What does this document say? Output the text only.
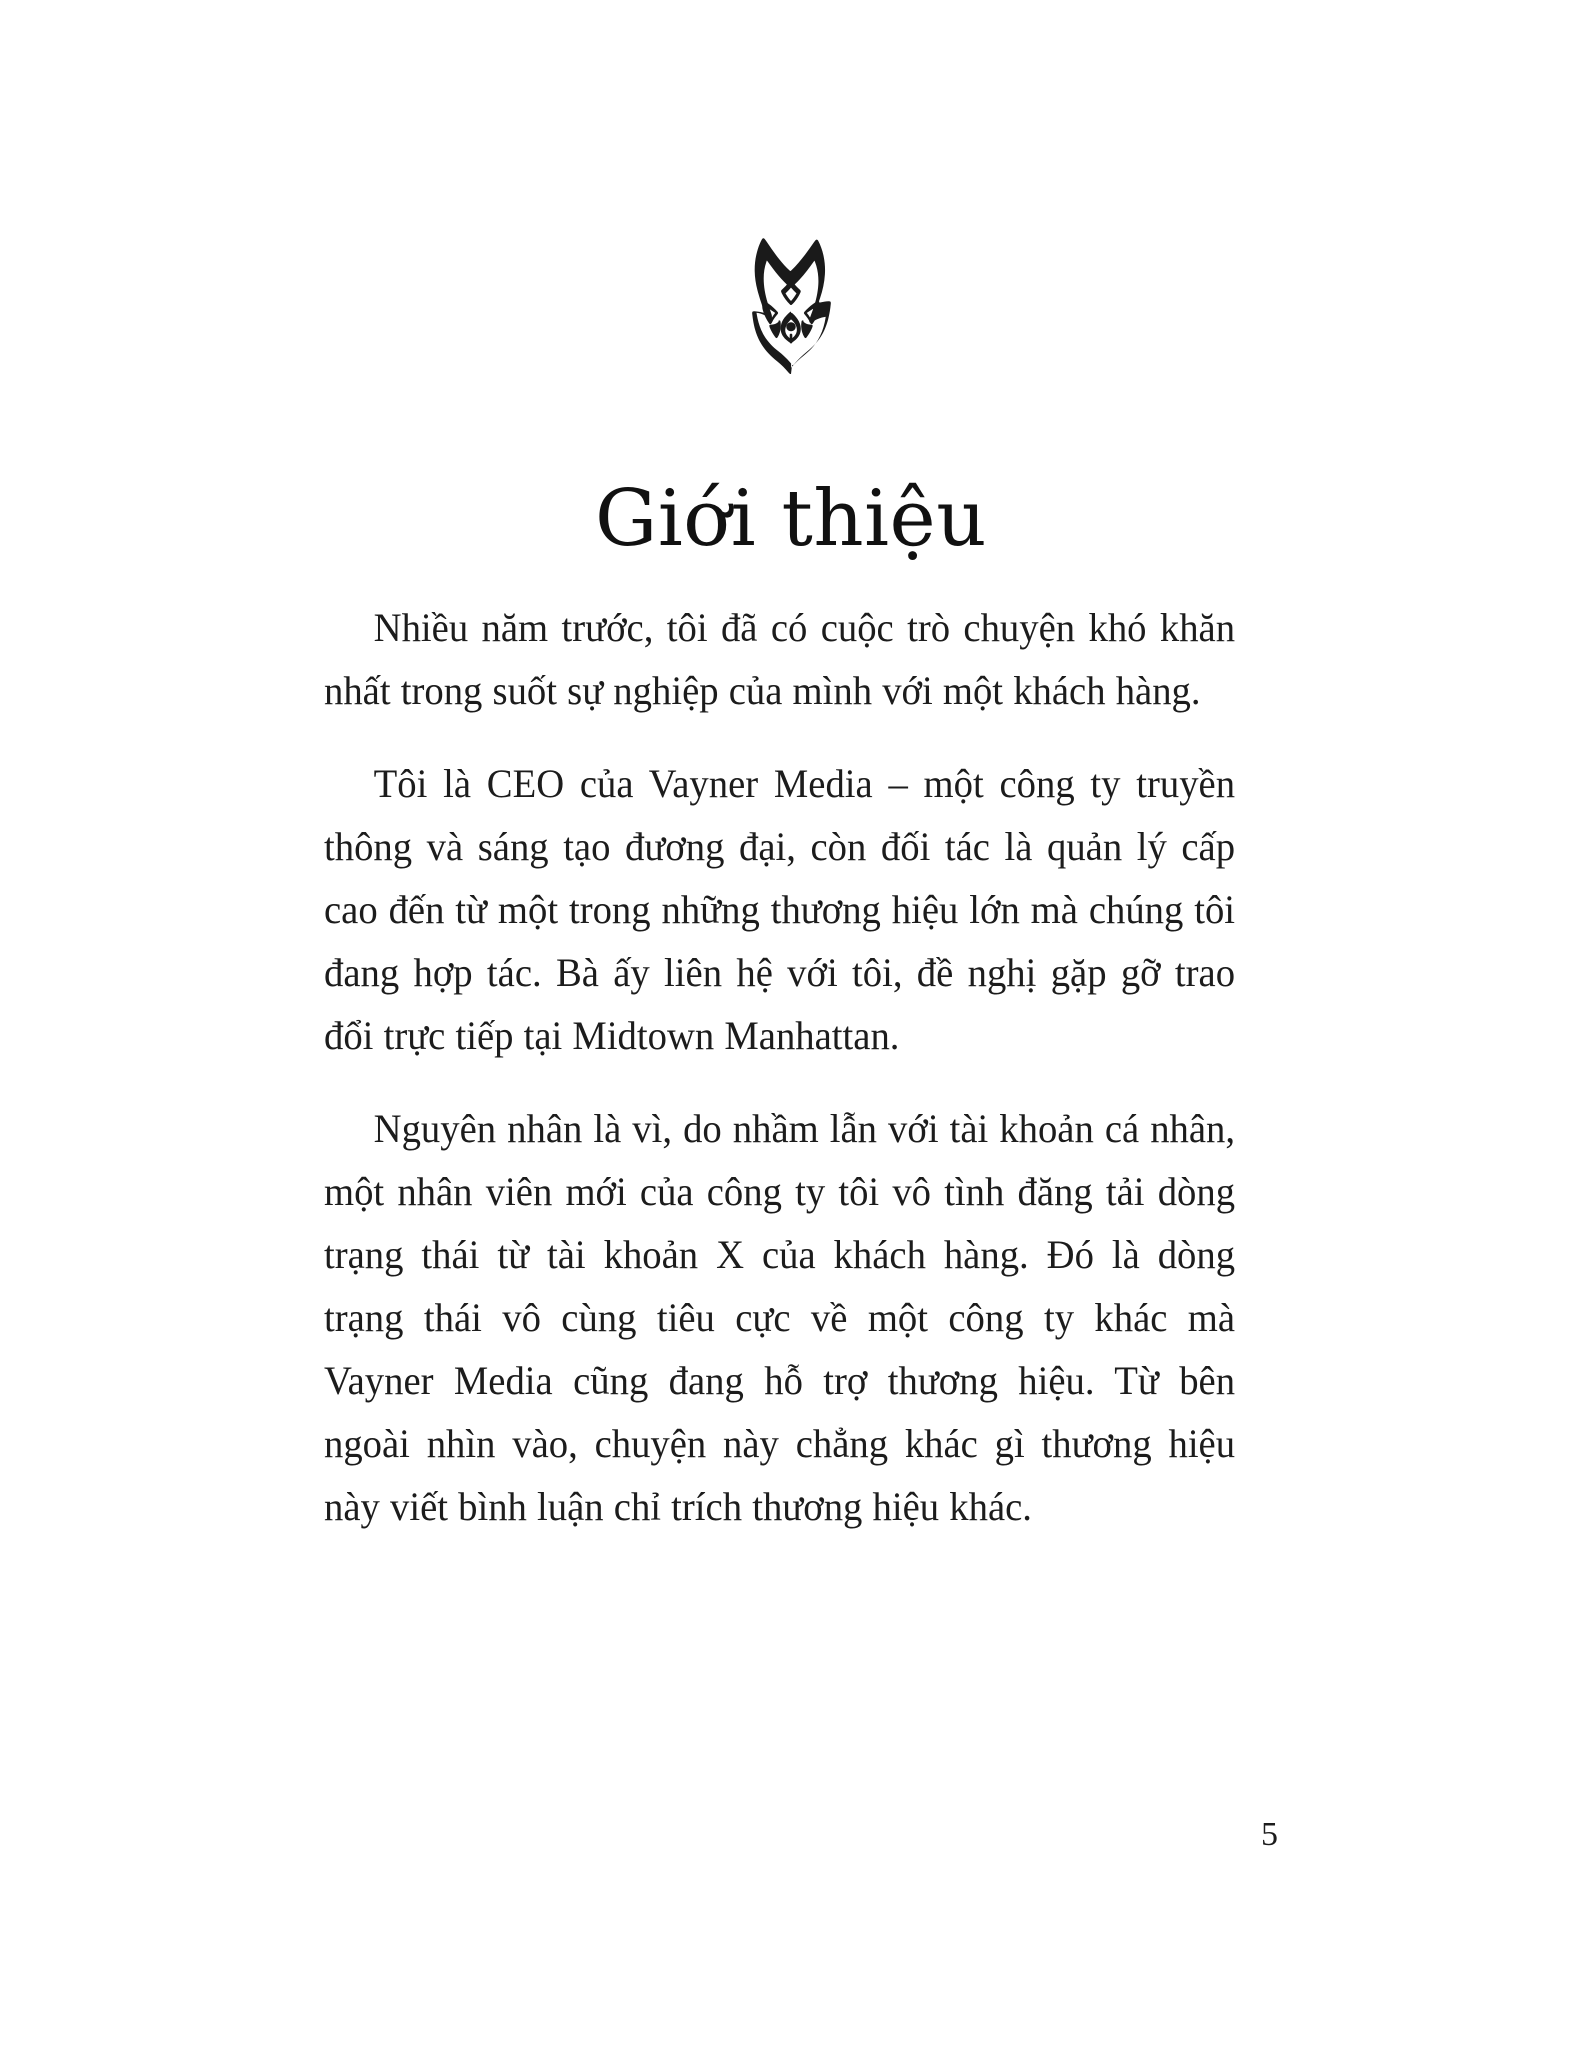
Giới thiệu

Nhiều năm trước, tôi đã có cuộc trò chuyện khó khăn nhất trong suốt sự nghiệp của mình với một khách hàng.

Tôi là CEO của Vayner Media – một công ty truyền thông và sáng tạo đương đại, còn đối tác là quản lý cấp cao đến từ một trong những thương hiệu lớn mà chúng tôi đang hợp tác. Bà ấy liên hệ với tôi, đề nghị gặp gỡ trao đổi trực tiếp tại Midtown Manhattan.

Nguyên nhân là vì, do nhầm lẫn với tài khoản cá nhân, một nhân viên mới của công ty tôi vô tình đăng tải dòng trạng thái từ tài khoản X của khách hàng. Đó là dòng trạng thái vô cùng tiêu cực về một công ty khác mà Vayner Media cũng đang hỗ trợ thương hiệu. Từ bên ngoài nhìn vào, chuyện này chẳng khác gì thương hiệu này viết bình luận chỉ trích thương hiệu khác.

5
